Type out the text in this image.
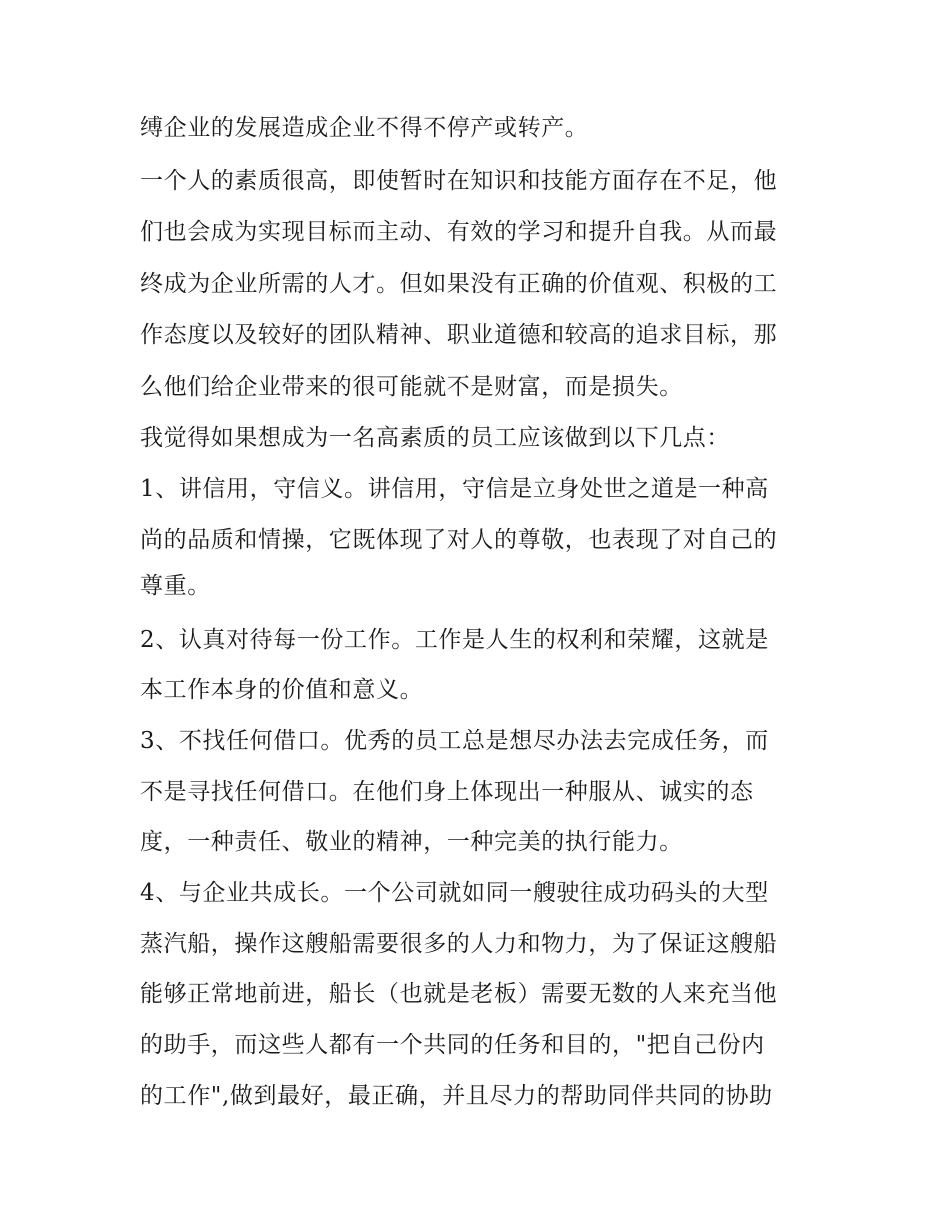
缚企业的发展造成企业不得不停产或转产。
一个人的素质很高，即使暂时在知识和技能方面存在不足，他
们也会成为实现目标而主动、有效的学习和提升自我。从而最
终成为企业所需的人才。但如果没有正确的价值观、积极的工
作态度以及较好的团队精神、职业道德和较高的追求目标，那
么他们给企业带来的很可能就不是财富，而是损失。
我觉得如果想成为一名高素质的员工应该做到以下几点：
1、讲信用，守信义。讲信用，守信是立身处世之道是一种高
尚的品质和情操，它既体现了对人的尊敬，也表现了对自己的
尊重。
2、认真对待每一份工作。工作是人生的权利和荣耀，这就是
本工作本身的价值和意义。
3、不找任何借口。优秀的员工总是想尽办法去完成任务，而
不是寻找任何借口。在他们身上体现出一种服从、诚实的态
度，一种责任、敬业的精神，一种完美的执行能力。
4、与企业共成长。一个公司就如同一艘驶往成功码头的大型
蒸汽船，操作这艘船需要很多的人力和物力，为了保证这艘船
能够正常地前进，船长（也就是老板）需要无数的人来充当他
的助手，而这些人都有一个共同的任务和目的，"把自己份内
的工作",做到最好，最正确，并且尽力的帮助同伴共同的协助
